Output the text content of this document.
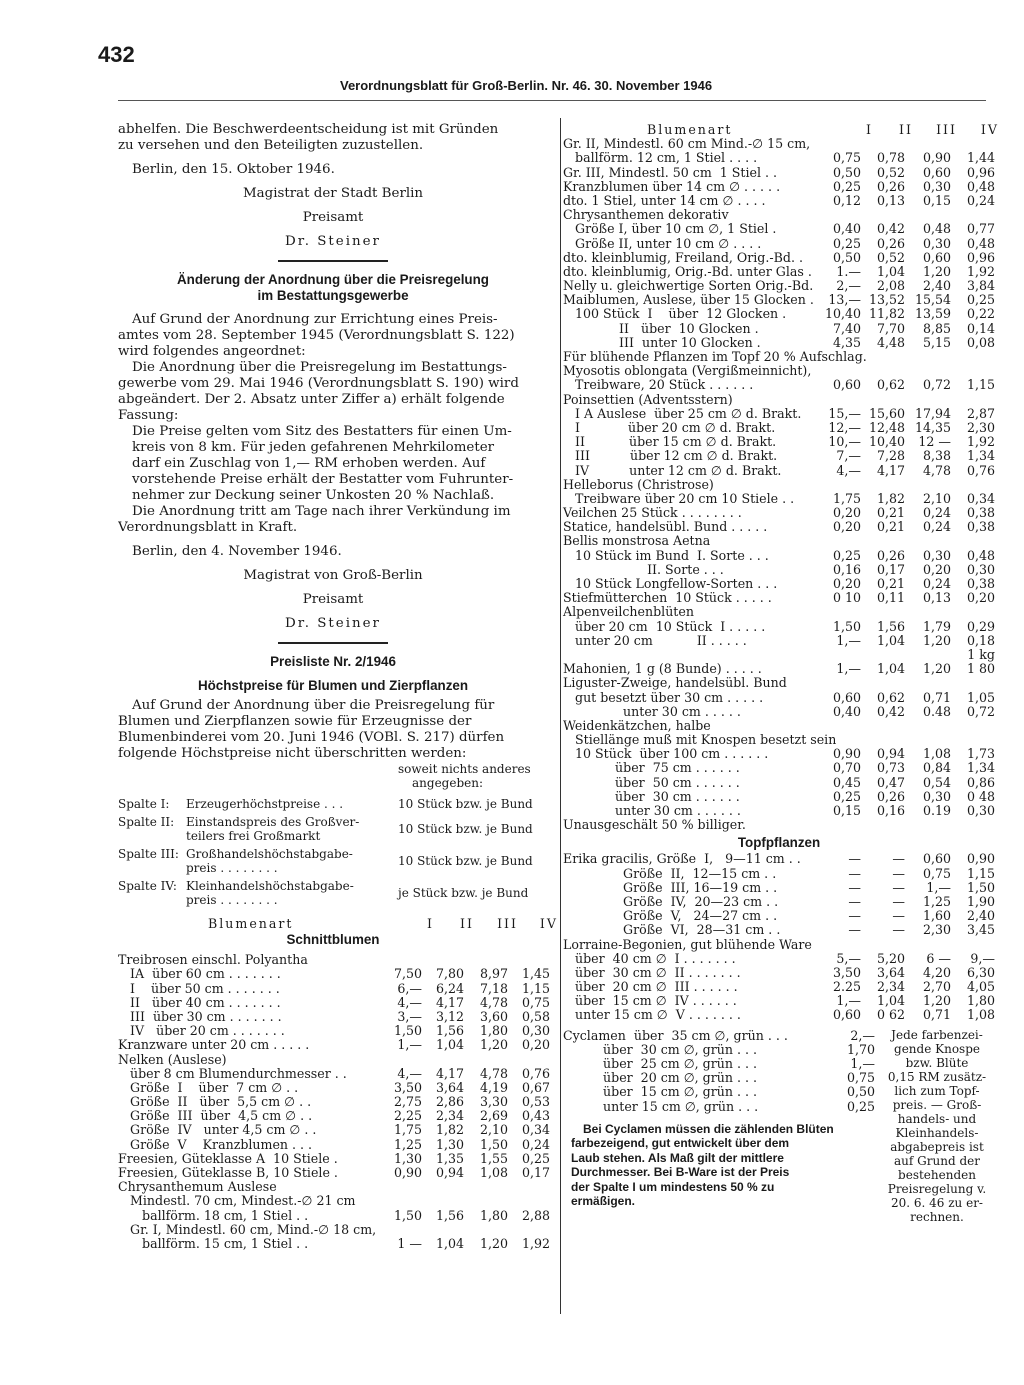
432
Verordnungsblatt für Groß-Berlin. Nr. 46. 30. November 1946
abhelfen. Die Beschwerdeentscheidung ist mit Gründen
zu versehen und den Beteiligten zuzustellen.
Berlin, den 15. Oktober 1946.
Magistrat der Stadt Berlin
Preisamt
Dr. Steiner
Änderung der Anordnung über die Preisregelung
im Bestattungsgewerbe
Auf Grund der Anordnung zur Errichtung eines Preis-
amtes vom 28. September 1945 (Verordnungsblatt S. 122)
wird folgendes angeordnet:
Die Anordnung über die Preisregelung im Bestattungs-
gewerbe vom 29. Mai 1946 (Verordnungsblatt S. 190) wird
abgeändert. Der 2. Absatz unter Ziffer a) erhält folgende
Fassung:
Die Preise gelten vom Sitz des Bestatters für einen Um-
kreis von 8 km. Für jeden gefahrenen Mehrkilometer
darf ein Zuschlag von 1,— RM erhoben werden. Auf
vorstehende Preise erhält der Bestatter vom Fuhrunter-
nehmer zur Deckung seiner Unkosten 20 % Nachlaß.
Die Anordnung tritt am Tage nach ihrer Verkündung im
Verordnungsblatt in Kraft.
Berlin, den 4. November 1946.
Magistrat von Groß-Berlin
Preisamt
Dr. Steiner
Preisliste Nr. 2/1946
Höchstpreise für Blumen und Zierpflanzen
Auf Grund der Anordnung über die Preisregelung für
Blumen und Zierpflanzen sowie für Erzeugnisse der
Blumenbinderei vom 20. Juni 1946 (VOBl. S. 217) dürfen
folgende Höchstpreise nicht überschritten werden:
soweit nichts anderes
angegeben:
Spalte I: Erzeugerhöchstpreise . . .	10 Stück bzw. je Bund
Spalte II: Einstandspreis des Großver-
teilers frei Großmarkt	10 Stück bzw. je Bund
Spalte III: Großhandelshöchstabgabe-
preis . . . . . . . .	10 Stück bzw. je Bund
Spalte IV: Kleinhandelshöchstabgabe-
preis . . . . . . . .	je Stück bzw. je Bund
Blumenart	I	II	III	IV
Schnittblumen
Treibrosen einschl. Polyantha
IA  über 60 cm . . . . . . .	7,50	7,80	8,97	1,45
I    über 50 cm . . . . . . .	6,—	6,24	7,18	1,15
II   über 40 cm . . . . . . .	4,—	4,17	4,78	0,75
III  über 30 cm . . . . . . .	3,—	3,12	3,60	0,58
IV   über 20 cm . . . . . . .	1,50	1,56	1,80	0,30
Kranzware unter 20 cm . . . . .	1,—	1,04	1,20	0,20
Nelken (Auslese)
über 8 cm Blumendurchmesser . .	4,—	4,17	4,78	0,76
Größe  I    über  7 cm ∅ . .	3,50	3,64	4,19	0,67
Größe  II   über  5,5 cm ∅ . .	2,75	2,86	3,30	0,53
Größe  III  über  4,5 cm ∅ . .	2,25	2,34	2,69	0,43
Größe  IV   unter 4,5 cm ∅ . .	1,75	1,82	2,10	0,34
Größe  V    Kranzblumen . . .	1,25	1,30	1,50	0,24
Freesien, Güteklasse A  10 Stiele .	1,30	1,35	1,55	0,25
Freesien, Güteklasse B, 10 Stiele .	0,90	0,94	1,08	0,17
Chrysanthemum Auslese
Mindestl. 70 cm, Mindest.-∅ 21 cm
ballförm. 18 cm, 1 Stiel . .	1,50	1,56	1,80	2,88
Gr. I, Mindestl. 60 cm, Mind.-∅ 18 cm,
ballförm. 15 cm, 1 Stiel . .	1 —	1,04	1,20	1,92
Blumenart	I	II	III	IV
Gr. II, Mindestl. 60 cm Mind.-∅ 15 cm,
ballförm. 12 cm, 1 Stiel . . . .	0,75	0,78	0,90	1,44
Gr. III, Mindestl. 50 cm  1 Stiel . .	0,50	0,52	0,60	0,96
Kranzblumen über 14 cm ∅ . . . . .	0,25	0,26	0,30	0,48
dto. 1 Stiel, unter 14 cm ∅ . . . .	0,12	0,13	0,15	0,24
Chrysanthemen dekorativ
Größe I, über 10 cm ∅, 1 Stiel .	0,40	0,42	0,48	0,77
Größe II, unter 10 cm ∅ . . . .	0,25	0,26	0,30	0,48
dto. kleinblumig, Freiland, Orig.-Bd. .	0,50	0,52	0,60	0,96
dto. kleinblumig, Orig.-Bd. unter Glas .	1.—	1,04	1,20	1,92
Nelly u. gleichwertige Sorten Orig.-Bd.	2,—	2,08	2,40	3,84
Maiblumen, Auslese, über 15 Glocken .	13,— 13,52 15,54	0,25
100 Stück  I    über  12 Glocken .	10,40 11,82 13,59	0,22
II   über  10 Glocken .	7,40	7,70	8,85	0,14
III  unter 10 Glocken .	4,35	4,48	5,15	0,08
Für blühende Pflanzen im Topf 20 % Aufschlag.
Myosotis oblongata (Vergißmeinnicht),
Treibware, 20 Stück . . . . . .	0,60	0,62	0,72	1,15
Poinsettien (Adventsstern)
I A Auslese  über 25 cm ∅ d. Brakt.	15,— 15,60 17,94	2,87
I            über 20 cm ∅ d. Brakt.	12,— 12,48 14,35	2,30
II           über 15 cm ∅ d. Brakt.	10,— 10,40	12 —	1,92
III          über 12 cm ∅ d. Brakt.	7,—	7,28	8,38	1,34
IV          unter 12 cm ∅ d. Brakt.	4,—	4,17	4,78	0,76
Helleborus (Christrose)
Treibware über 20 cm 10 Stiele . .	1,75	1,82	2,10	0,34
Veilchen 25 Stück . . . . . . . .	0,20	0,21	0,24	0,38
Statice, handelsübl. Bund . . . . .	0,20	0,21	0,24	0,38
Bellis monstrosa Aetna
10 Stück im Bund  I. Sorte . . .	0,25	0,26	0,30	0,48
II. Sorte . . .	0,16	0,17	0,20	0,30
10 Stück Longfellow-Sorten . . .	0,20	0,21	0,24	0,38
Stiefmütterchen  10 Stück . . . . .	0 10	0,11	0,13	0,20
Alpenveilchenblüten
über 20 cm  10 Stück  I . . . . .	1,50	1,56	1,79	0,29
unter 20 cm           II . . . . .	1,—	1,04	1,20	0,18
1 kg
Mahonien, 1 g (8 Bunde) . . . . .	1,—	1,04	1,20	1 80
Liguster-Zweige, handelsübl. Bund
gut besetzt über 30 cm . . . . .	0,60	0,62	0,71	1,05
unter 30 cm . . . . .	0,40	0,42	0.48	0,72
Weidenkätzchen, halbe
Stiellänge muß mit Knospen besetzt sein
10 Stück  über 100 cm . . . . . .	0,90	0,94	1,08	1,73
über  75 cm . . . . . .	0,70	0,73	0,84	1,34
über  50 cm . . . . . .	0,45	0,47	0,54	0,86
über  30 cm . . . . . .	0,25	0,26	0,30	0 48
unter 30 cm . . . . . .	0,15	0,16	0.19	0,30
Unausgeschält 50 % billiger.
Topfpflanzen
Erika gracilis, Größe  I,   9—11 cm . .	—	—	0,60	0,90
Größe  II,  12—15 cm . .	—	—	0,75	1,15
Größe  III, 16—19 cm . .	—	—	1,—	1,50
Größe  IV,  20—23 cm . .	—	—	1,25	1,90
Größe  V,   24—27 cm . .	—	—	1,60	2,40
Größe  VI,  28—31 cm . .	—	—	2,30	3,45
Lorraine-Begonien, gut blühende Ware
über  40 cm ∅  I . . . . . . .	5,—	5,20	6 —	9,—
über  30 cm ∅  II . . . . . . .	3,50	3,64	4,20	6,30
über  20 cm ∅  III . . . . . .	2.25	2,34	2,70	4,05
über  15 cm ∅  IV . . . . . .	1,—	1,04	1,20	1,80
unter 15 cm ∅  V . . . . . . .	0,60	0 62	0,71	1,08
Cyclamen  über  35 cm ∅, grün . . .	2,—
über  30 cm ∅, grün . . .	1,70
über  25 cm ∅, grün . . .	1,—
über  20 cm ∅, grün . . .	0,75
über  15 cm ∅, grün . . .	0,50
unter 15 cm ∅, grün . . .	0,25
Jede farbenzei-
gende Knospe
bzw. Blüte
0,15 RM zusätz-
lich zum Topf-
preis. — Groß-
handels- und
Kleinhandels-
abgabepreis ist
auf Grund der
bestehenden
Preisregelung v.
20. 6. 46 zu er-
rechnen.
Bei Cyclamen müssen die zählenden Blüten
farbezeigend, gut entwickelt über dem
Laub stehen. Als Maß gilt der mittlere
Durchmesser. Bei B-Ware ist der Preis
der Spalte I um mindestens 50 % zu
ermäßigen.
